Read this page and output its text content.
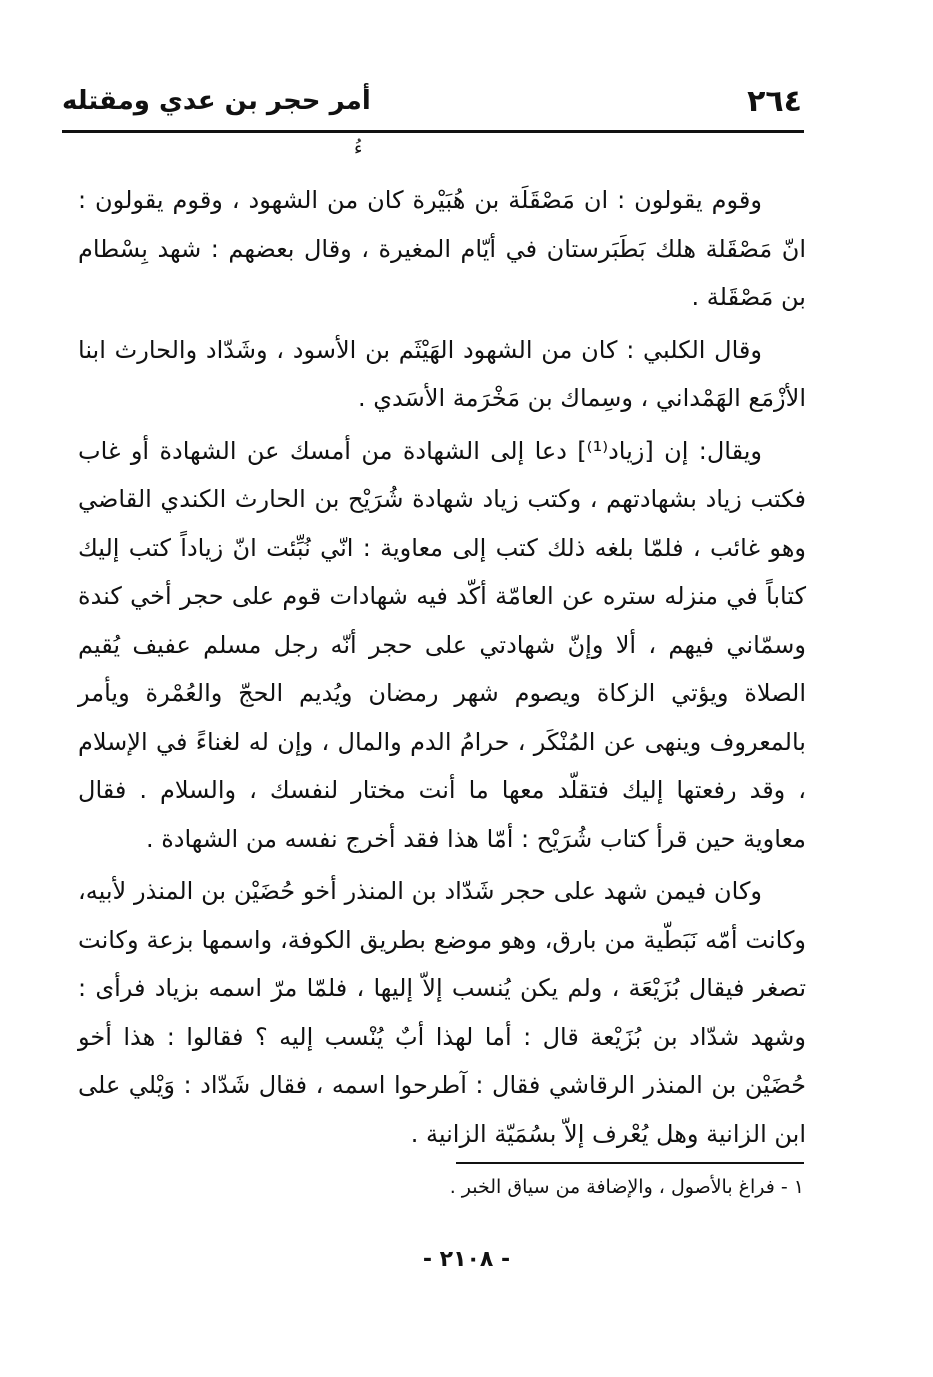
٢٦٤
أمر حجر بن عدي ومقتله
ءُ

وقوم يقولون : ان مَصْقَلَة بن هُبَيْرة كان من الشهود ، وقوم يقولون : انّ مَصْقَلة هلك بَطَبَرستان في أيّام المغيرة ، وقال بعضهم : شهد بِسْطام بن مَصْقَلة .

وقال الكلبي : كان من الشهود الهَيْثَم بن الأسود ، وشَدّاد والحارث ابنا الأزْمَع الهَمْداني ، وسِماك بن مَخْرَمة الأسَدي .

ويقال: إن [زياد⁽¹⁾] دعا إلى الشهادة من أمسك عن الشهادة أو غاب فكتب زياد بشهادتهم ، وكتب زياد شهادة شُرَيْح بن الحارث الكندي القاضي وهو غائب ، فلمّا بلغه ذلك كتب إلى معاوية : انّي نُبِّئت انّ زياداً كتب إليك كتاباً في منزله ستره عن العامّة أكّد فيه شهادات قوم على حجر أخي كندة وسمّاني فيهم ، ألا وإنّ شهادتي على حجر أنّه رجل مسلم عفيف يُقيم الصلاة ويؤتي الزكاة ويصوم شهر رمضان ويُديم الحجّ والعُمْرة ويأمر بالمعروف وينهى عن المُنْكَر ، حرامُ الدم والمال ، وإن له لغناءً في الإسلام ، وقد رفعتها إليك فتقلّد معها ما أنت مختار لنفسك ، والسلام . فقال معاوية حين قرأ كتاب شُرَيْح : أمّا هذا فقد أخرج نفسه من الشهادة .

وكان فيمن شهد على حجر شَدّاد بن المنذر أخو حُضَيْن بن المنذر لأبيه، وكانت أمّه نَبَطّية من بارق، وهو موضع بطريق الكوفة، واسمها بزعة وكانت تصغر فيقال بُزَيْعَة ، ولم يكن يُنسب إلاّ إليها ، فلمّا مرّ اسمه بزياد فرأى : وشهد شدّاد بن بُزَيْعة قال : أما لهذا أبٌ يُنْسب إليه ؟ فقالوا : هذا أخو حُضَيْن بن المنذر الرقاشي فقال : آطرحوا اسمه ، فقال شَدّاد : وَيْلي على ابن الزانية وهل يُعْرف إلاّ بسُمَيّة الزانية .

١ - فراغ بالأصول ، والإضافة من سياق الخبر .
- ٢١٠٨ -
